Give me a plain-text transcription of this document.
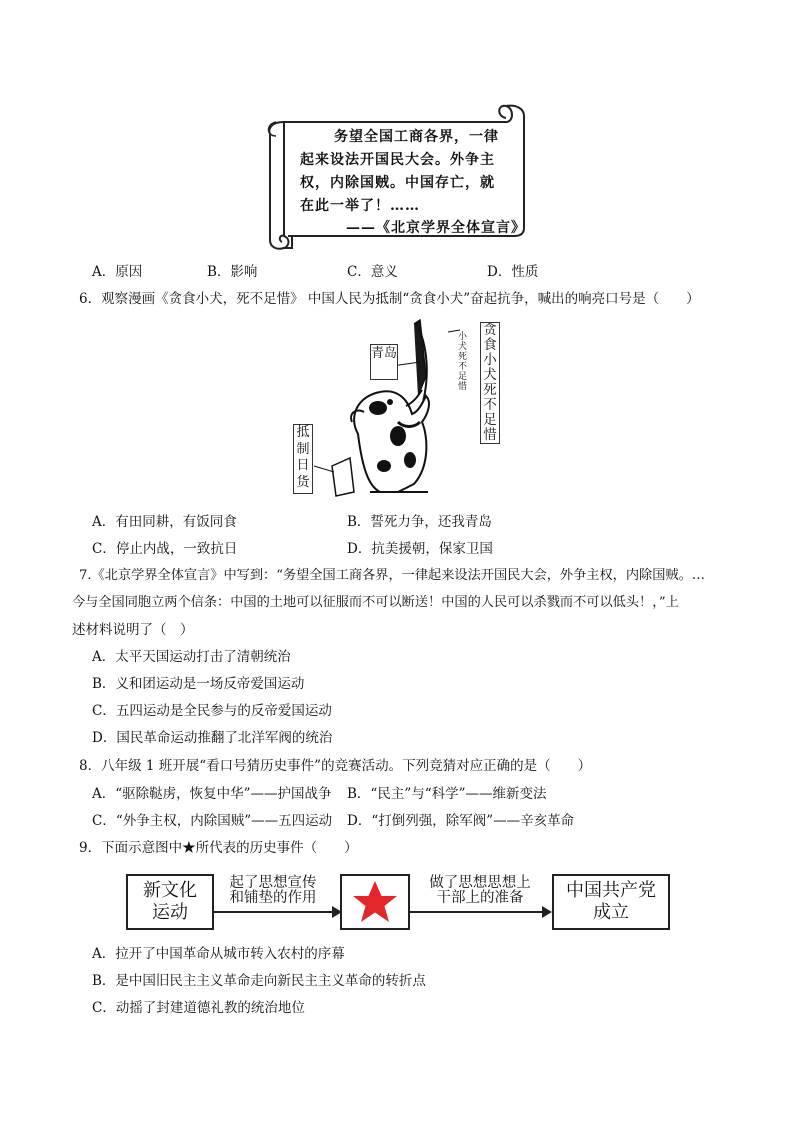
务望全国工商各界，一律
起来设法开国民大会。外争主
权，内除国贼。中国存亡，就
在此一举了！……
——《北京学界全体宣言》
A．原因	B．影响	C．意义	D．性质
6．观察漫画《贪食小犬，死不足惜》 中国人民为抵制“贪食小犬”奋起抗争，喊出的响亮口号是（　　）
小犬死不足惜
青岛
贪食小犬死不足惜
抵制日货
A．有田同耕，有饭同食	B．誓死力争，还我青岛
C．停止内战，一致抗日	D．抗美援朝，保家卫国
7.《北京学界全体宣言》中写到：“务望全国工商各界，一律起来设法开国民大会，外争主权，内除国贼。…
今与全国同胞立两个信条：中国的土地可以征服而不可以断送！中国的人民可以杀戮而不可以低头！，”上
述材料说明了（　）
A．太平天国运动打击了清朝统治
B．义和团运动是一场反帝爱国运动
C．五四运动是全民参与的反帝爱国运动
D．国民革命运动推翻了北洋军阀的统治
8．八年级 1 班开展“看口号猜历史事件”的竞赛活动。下列竞猜对应正确的是（　　）
A．“驱除鞑虏，恢复中华”——护国战争 B．“民主”与“科学”——维新变法
C．“外争主权，内除国贼”——五四运动 D．“打倒列强，除军阀”——辛亥革命
9．下面示意图中★所代表的历史事件（　　）
新文化
运动
起了思想宣传
和铺垫的作用
做了思想思想上
干部上的准备	中国共产党
成立
A．拉开了中国革命从城市转入农村的序幕
B．是中国旧民主主义革命走向新民主主义革命的转折点
C．动摇了封建道德礼教的统治地位
